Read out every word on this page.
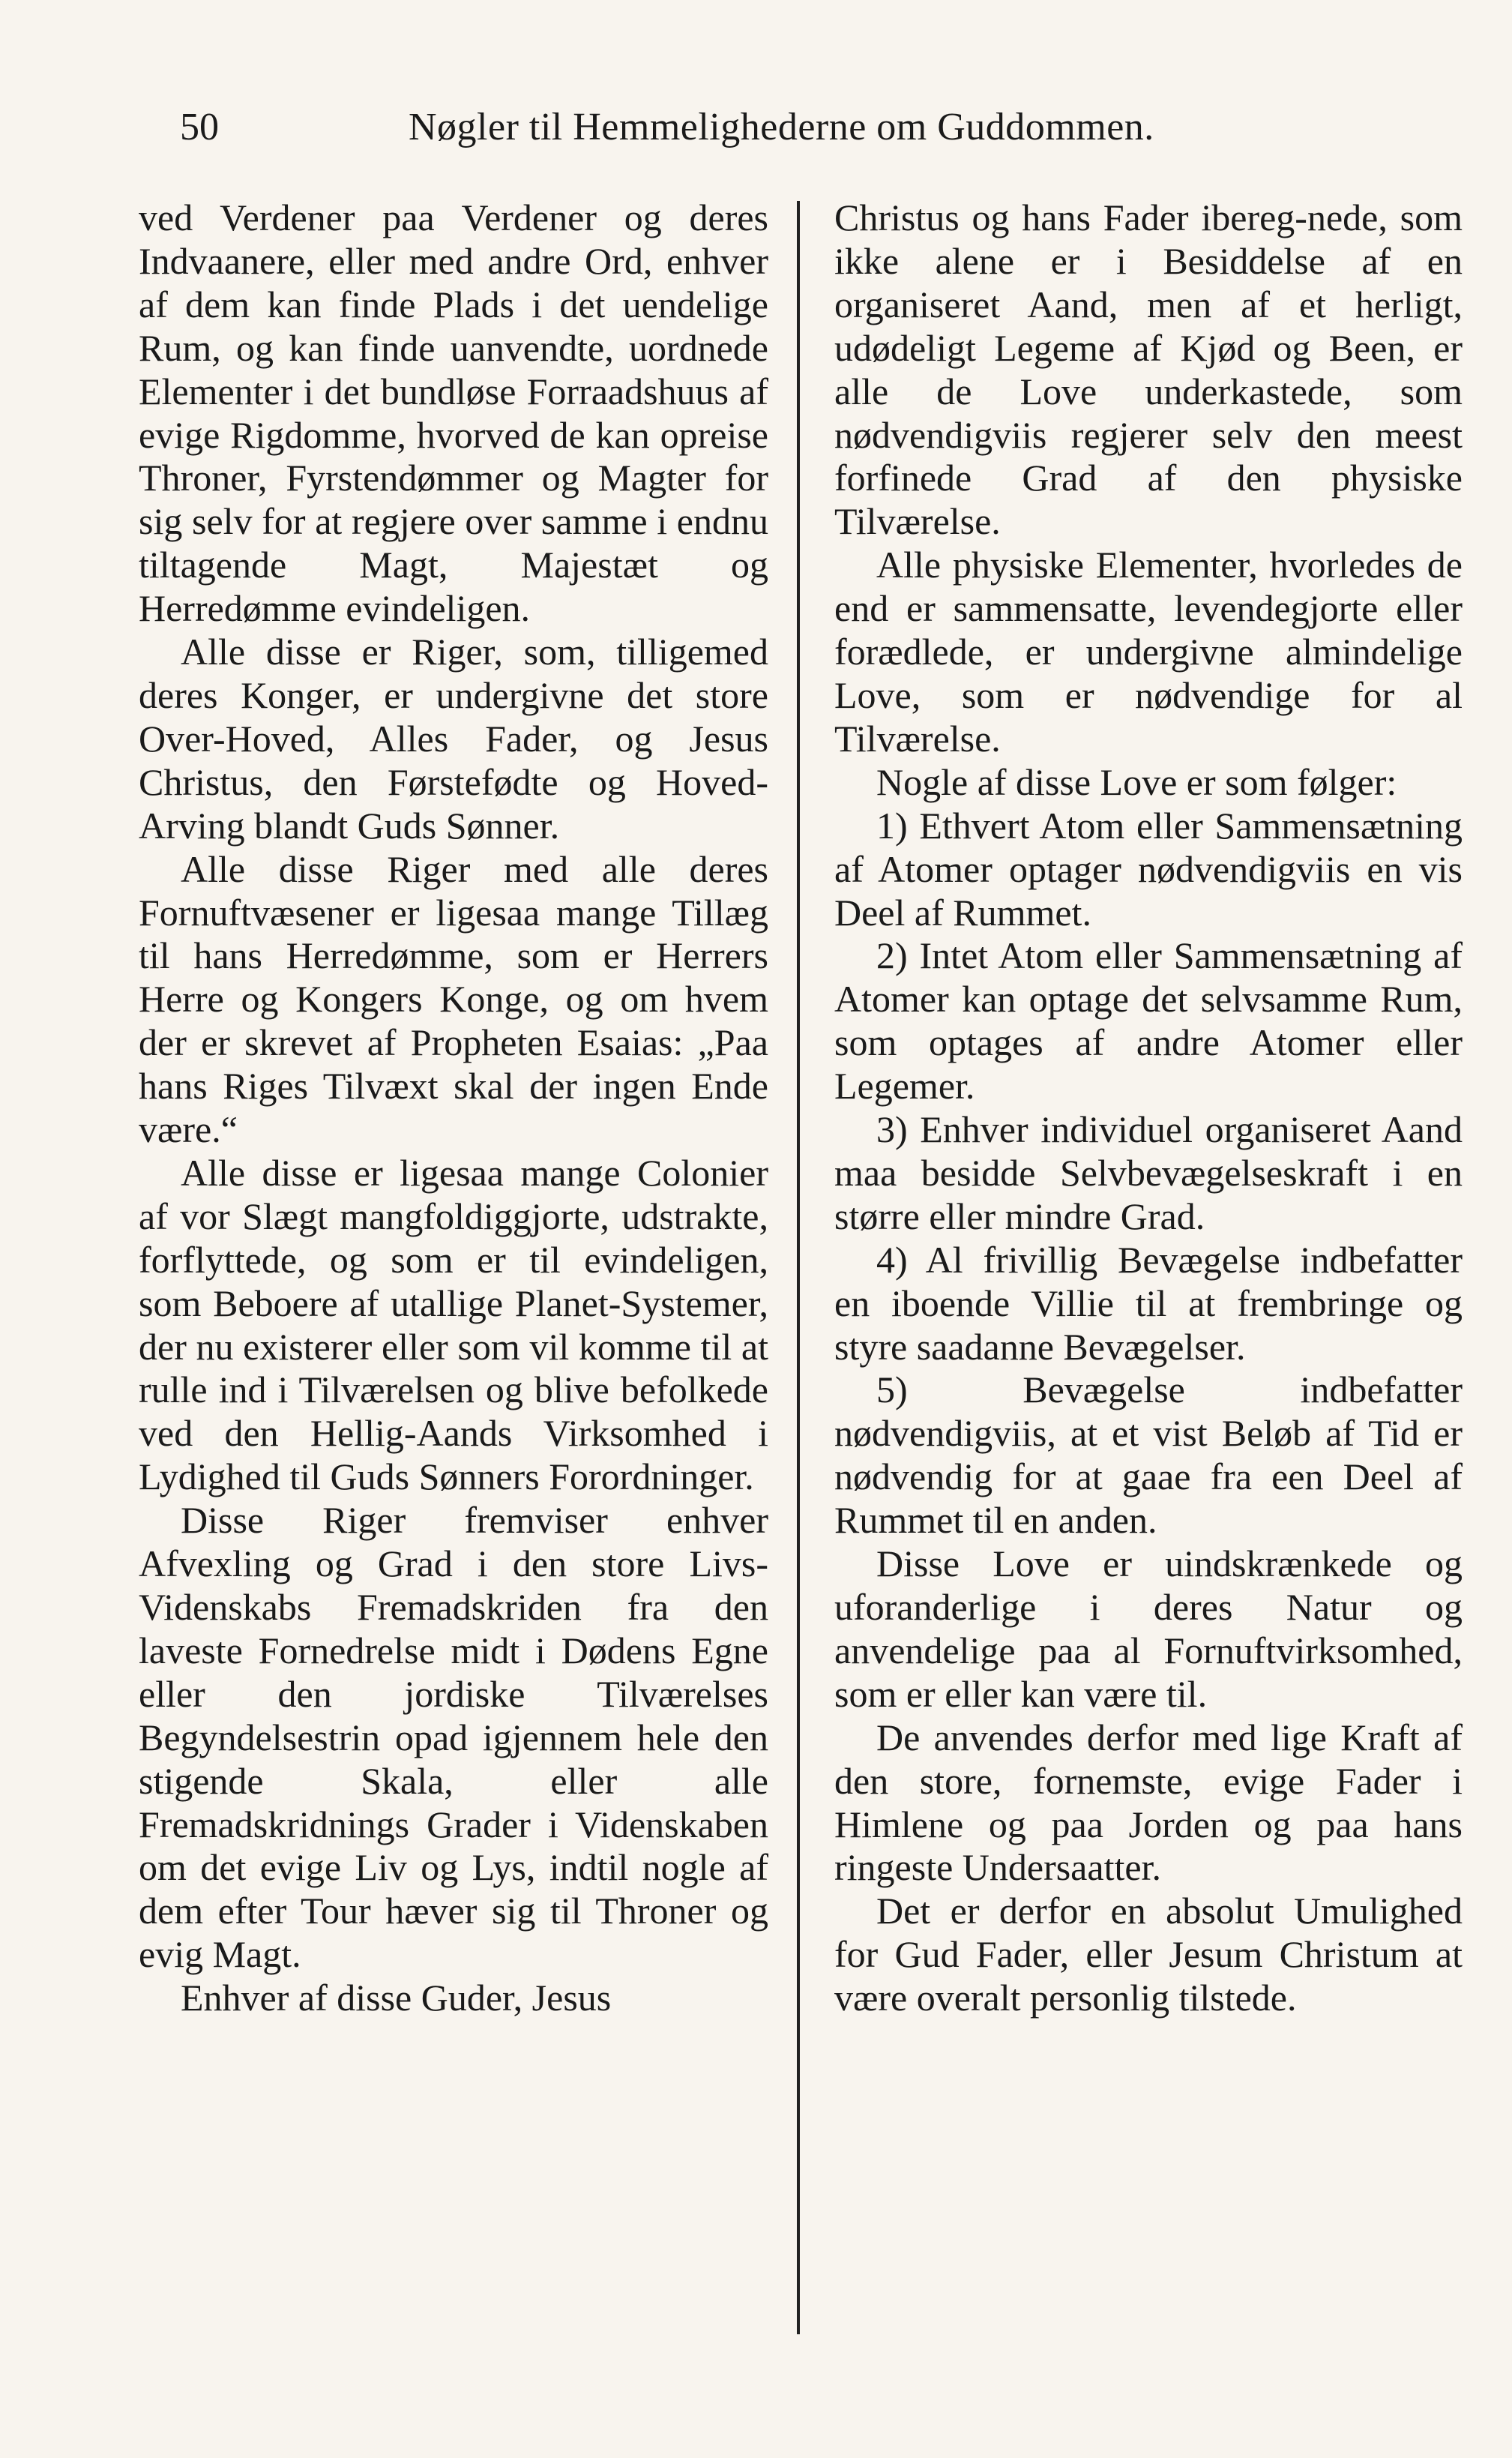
50	Nøgler til Hemmelighederne om Guddommen.

ved Verdener paa Verdener og deres Indvaanere, eller med andre Ord, enhver af dem kan finde Plads i det uendelige Rum, og kan finde uanvendte, uordnede Elementer i det bundløse Forraadshuus af evige Rigdomme, hvorved de kan opreise Throner, Fyrstendømmer og Magter for sig selv for at regjere over samme i endnu tiltagende Magt, Majestæt og Herredømme evindeligen.

Alle disse er Riger, som, tilligemed deres Konger, er undergivne det store Over-Hoved, Alles Fader, og Jesus Christus, den Førstefødte og Hoved-Arving blandt Guds Sønner.

Alle disse Riger med alle deres Fornuftvæsener er ligesaa mange Tillæg til hans Herredømme, som er Herrers Herre og Kongers Konge, og om hvem der er skrevet af Propheten Esaias: „Paa hans Riges Tilvæxt skal der ingen Ende være.“

Alle disse er ligesaa mange Colonier af vor Slægt mangfoldiggjorte, udstrakte, forflyttede, og som er til evindeligen, som Beboere af utallige Planet-Systemer, der nu existerer eller som vil komme til at rulle ind i Tilværelsen og blive befolkede ved den Hellig-Aands Virksomhed i Lydighed til Guds Sønners Forordninger.

Disse Riger fremviser enhver Afvexling og Grad i den store Livs-Videnskabs Fremadskriden fra den laveste Fornedrelse midt i Dødens Egne eller den jordiske Tilværelses Begyndelsestrin opad igjennem hele den stigende Skala, eller alle Fremadskridnings Grader i Videnskaben om det evige Liv og Lys, indtil nogle af dem efter Tour hæver sig til Throner og evig Magt.

Enhver af disse Guder, Jesus

Christus og hans Fader ibereg-nede, som ikke alene er i Besiddelse af en organiseret Aand, men af et herligt, udødeligt Legeme af Kjød og Been, er alle de Love underkastede, som nødvendigviis regjerer selv den meest forfinede Grad af den physiske Tilværelse.

Alle physiske Elementer, hvorledes de end er sammensatte, levendegjorte eller forædlede, er undergivne almindelige Love, som er nødvendige for al Tilværelse.

Nogle af disse Love er som følger:

1) Ethvert Atom eller Sammensætning af Atomer optager nødvendigviis en vis Deel af Rummet.
2) Intet Atom eller Sammensætning af Atomer kan optage det selvsamme Rum, som optages af andre Atomer eller Legemer.
3) Enhver individuel organiseret Aand maa besidde Selvbevægelseskraft i en større eller mindre Grad.
4) Al frivillig Bevægelse indbefatter en iboende Villie til at frembringe og styre saadanne Bevægelser.
5) Bevægelse indbefatter nødvendigviis, at et vist Beløb af Tid er nødvendig for at gaae fra een Deel af Rummet til en anden.

Disse Love er uindskrænkede og uforanderlige i deres Natur og anvendelige paa al Fornuftvirksomhed, som er eller kan være til.

De anvendes derfor med lige Kraft af den store, fornemste, evige Fader i Himlene og paa Jorden og paa hans ringeste Undersaatter.

Det er derfor en absolut Umulighed for Gud Fader, eller Jesum Christum at være overalt personlig tilstede.
